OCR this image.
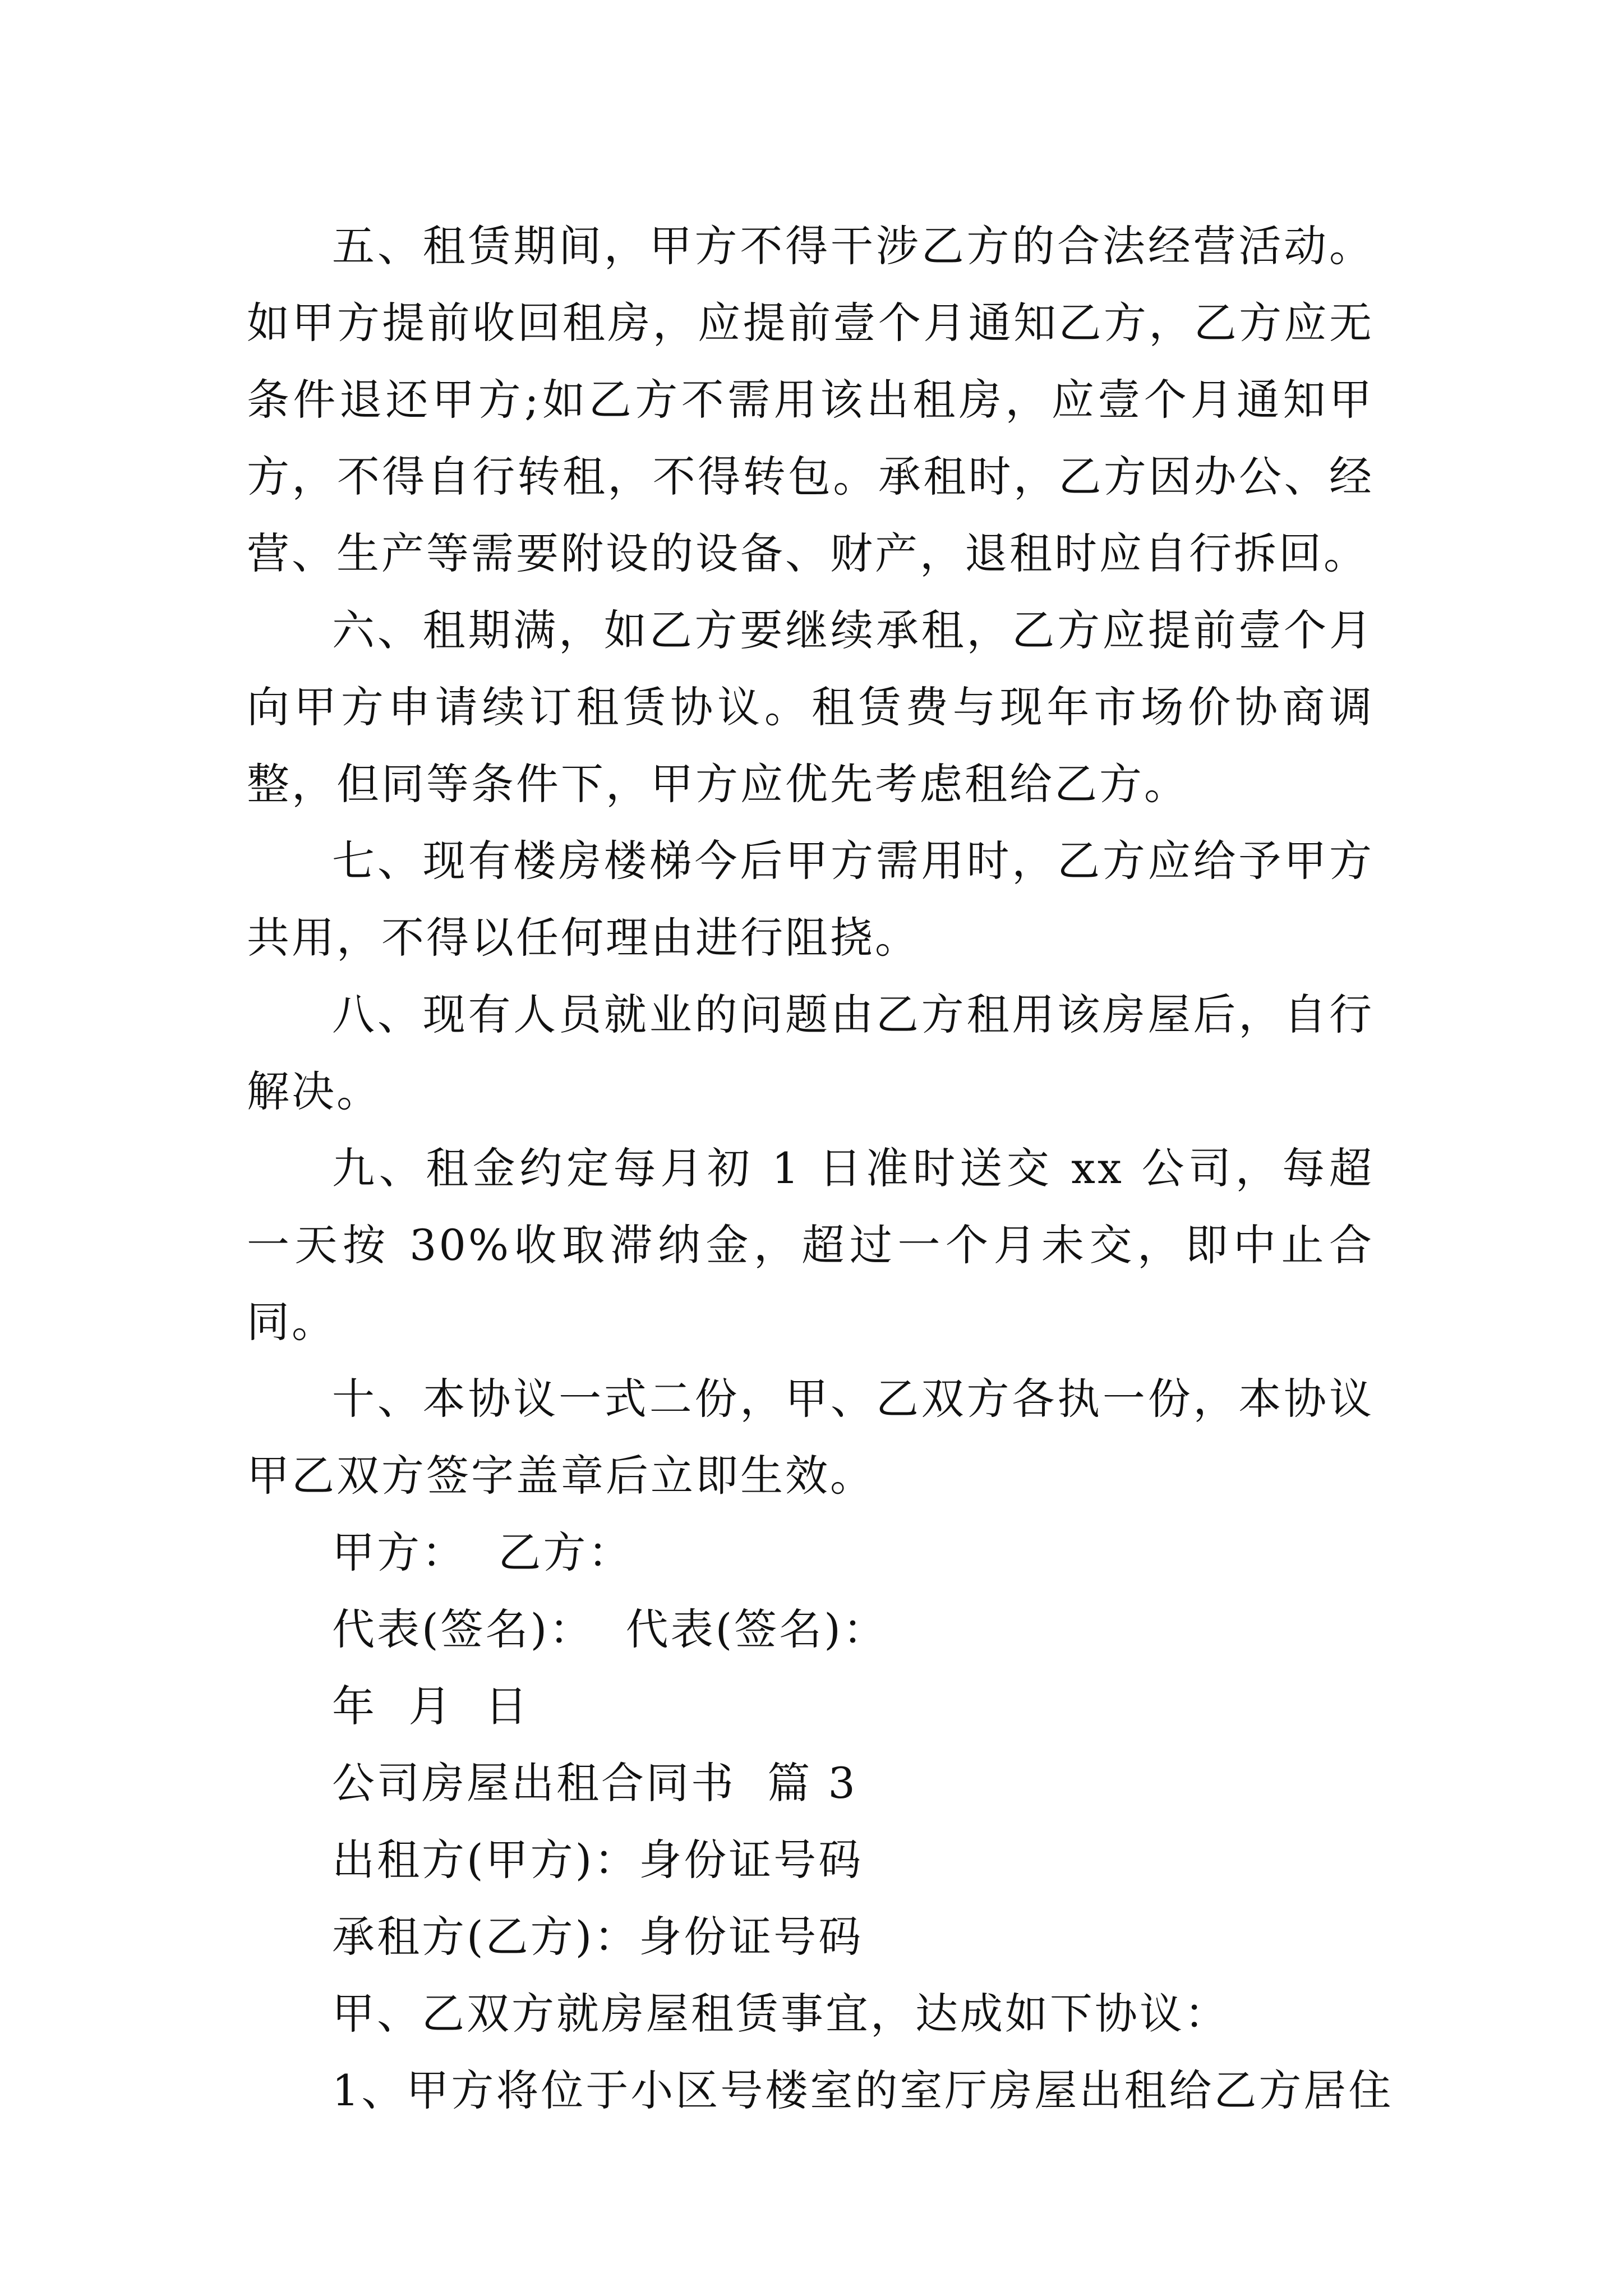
五、租赁期间，甲方不得干涉乙方的合法经营活动。如甲方提前收回租房，应提前壹个月通知乙方，乙方应无条件退还甲方;如乙方不需用该出租房，应壹个月通知甲方，不得自行转租，不得转包。承租时，乙方因办公、经营、生产等需要附设的设备、财产，退租时应自行拆回。

六、租期满，如乙方要继续承租，乙方应提前壹个月向甲方申请续订租赁协议。租赁费与现年市场价协商调整，但同等条件下，甲方应优先考虑租给乙方。

七、现有楼房楼梯今后甲方需用时，乙方应给予甲方共用，不得以任何理由进行阻挠。

八、现有人员就业的问题由乙方租用该房屋后，自行解决。

九、租金约定每月初 1 日准时送交 xx 公司，每超一天按 30%收取滞纳金，超过一个月未交，即中止合同。

十、本协议一式二份，甲、乙双方各执一份，本协议甲乙双方签字盖章后立即生效。

甲方：  乙方：

代表(签名)：  代表(签名)：

年  月  日

公司房屋出租合同书  篇 3

出租方(甲方)：身份证号码

承租方(乙方)：身份证号码

甲、乙双方就房屋租赁事宜，达成如下协议：

1、甲方将位于小区号楼室的室厅房屋出租给乙方居住
